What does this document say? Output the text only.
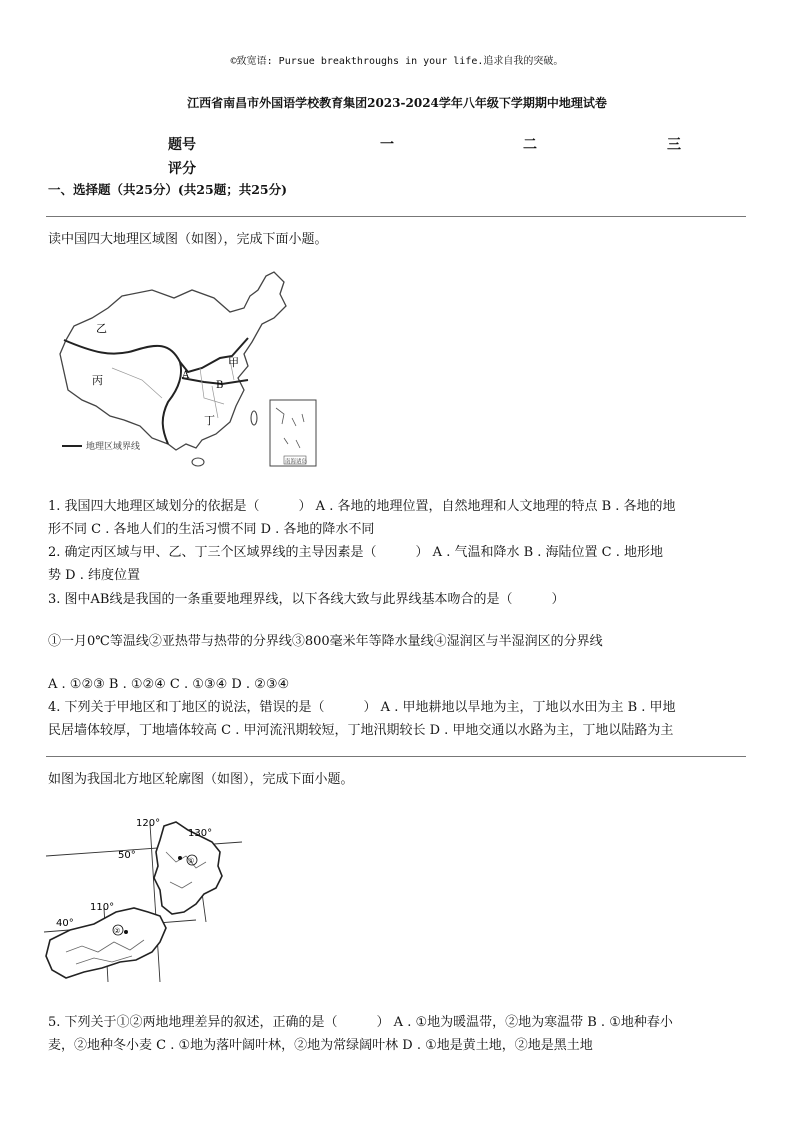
©致宽语: Pursue breakthroughs in your life.追求自我的突破。
江西省南昌市外国语学校教育集团2023-2024学年八年级下学期期中地理试卷
题号	一	二	三
评分
一、选择题（共25分）(共25题；共25分)
读中国四大地理区域图（如图），完成下面小题。
乙
丙
甲
丁
A
B
地理区域界线
南海诸岛
1. 我国四大地理区域划分的依据是（　　　） A . 各地的地理位置，自然地理和人文地理的特点 B . 各地的地
形不同 C . 各地人们的生活习惯不同 D . 各地的降水不同
2. 确定丙区域与甲、乙、丁三个区域界线的主导因素是（　　　） A . 气温和降水 B . 海陆位置 C . 地形地
势 D . 纬度位置
3. 图中AB线是我国的一条重要地理界线，以下各线大致与此界线基本吻合的是（　　　）
①一月0℃等温线②亚热带与热带的分界线③800毫米年等降水量线④湿润区与半湿润区的分界线
A . ①②③ B . ①②④ C . ①③④ D . ②③④
4. 下列关于甲地区和丁地区的说法，错误的是（　　　） A . 甲地耕地以旱地为主，丁地以水田为主 B . 甲地
民居墙体较厚，丁地墙体较高 C . 甲河流汛期较短，丁地汛期较长 D . 甲地交通以水路为主，丁地以陆路为主
如图为我国北方地区轮廓图（如图），完成下面小题。
120°
130°
110°
50°
40°
①
②
5. 下列关于①②两地地理差异的叙述，正确的是（　　　） A . ①地为暖温带，②地为寒温带 B . ①地种春小
麦，②地种冬小麦 C . ①地为落叶阔叶林，②地为常绿阔叶林 D . ①地是黄土地，②地是黑土地
